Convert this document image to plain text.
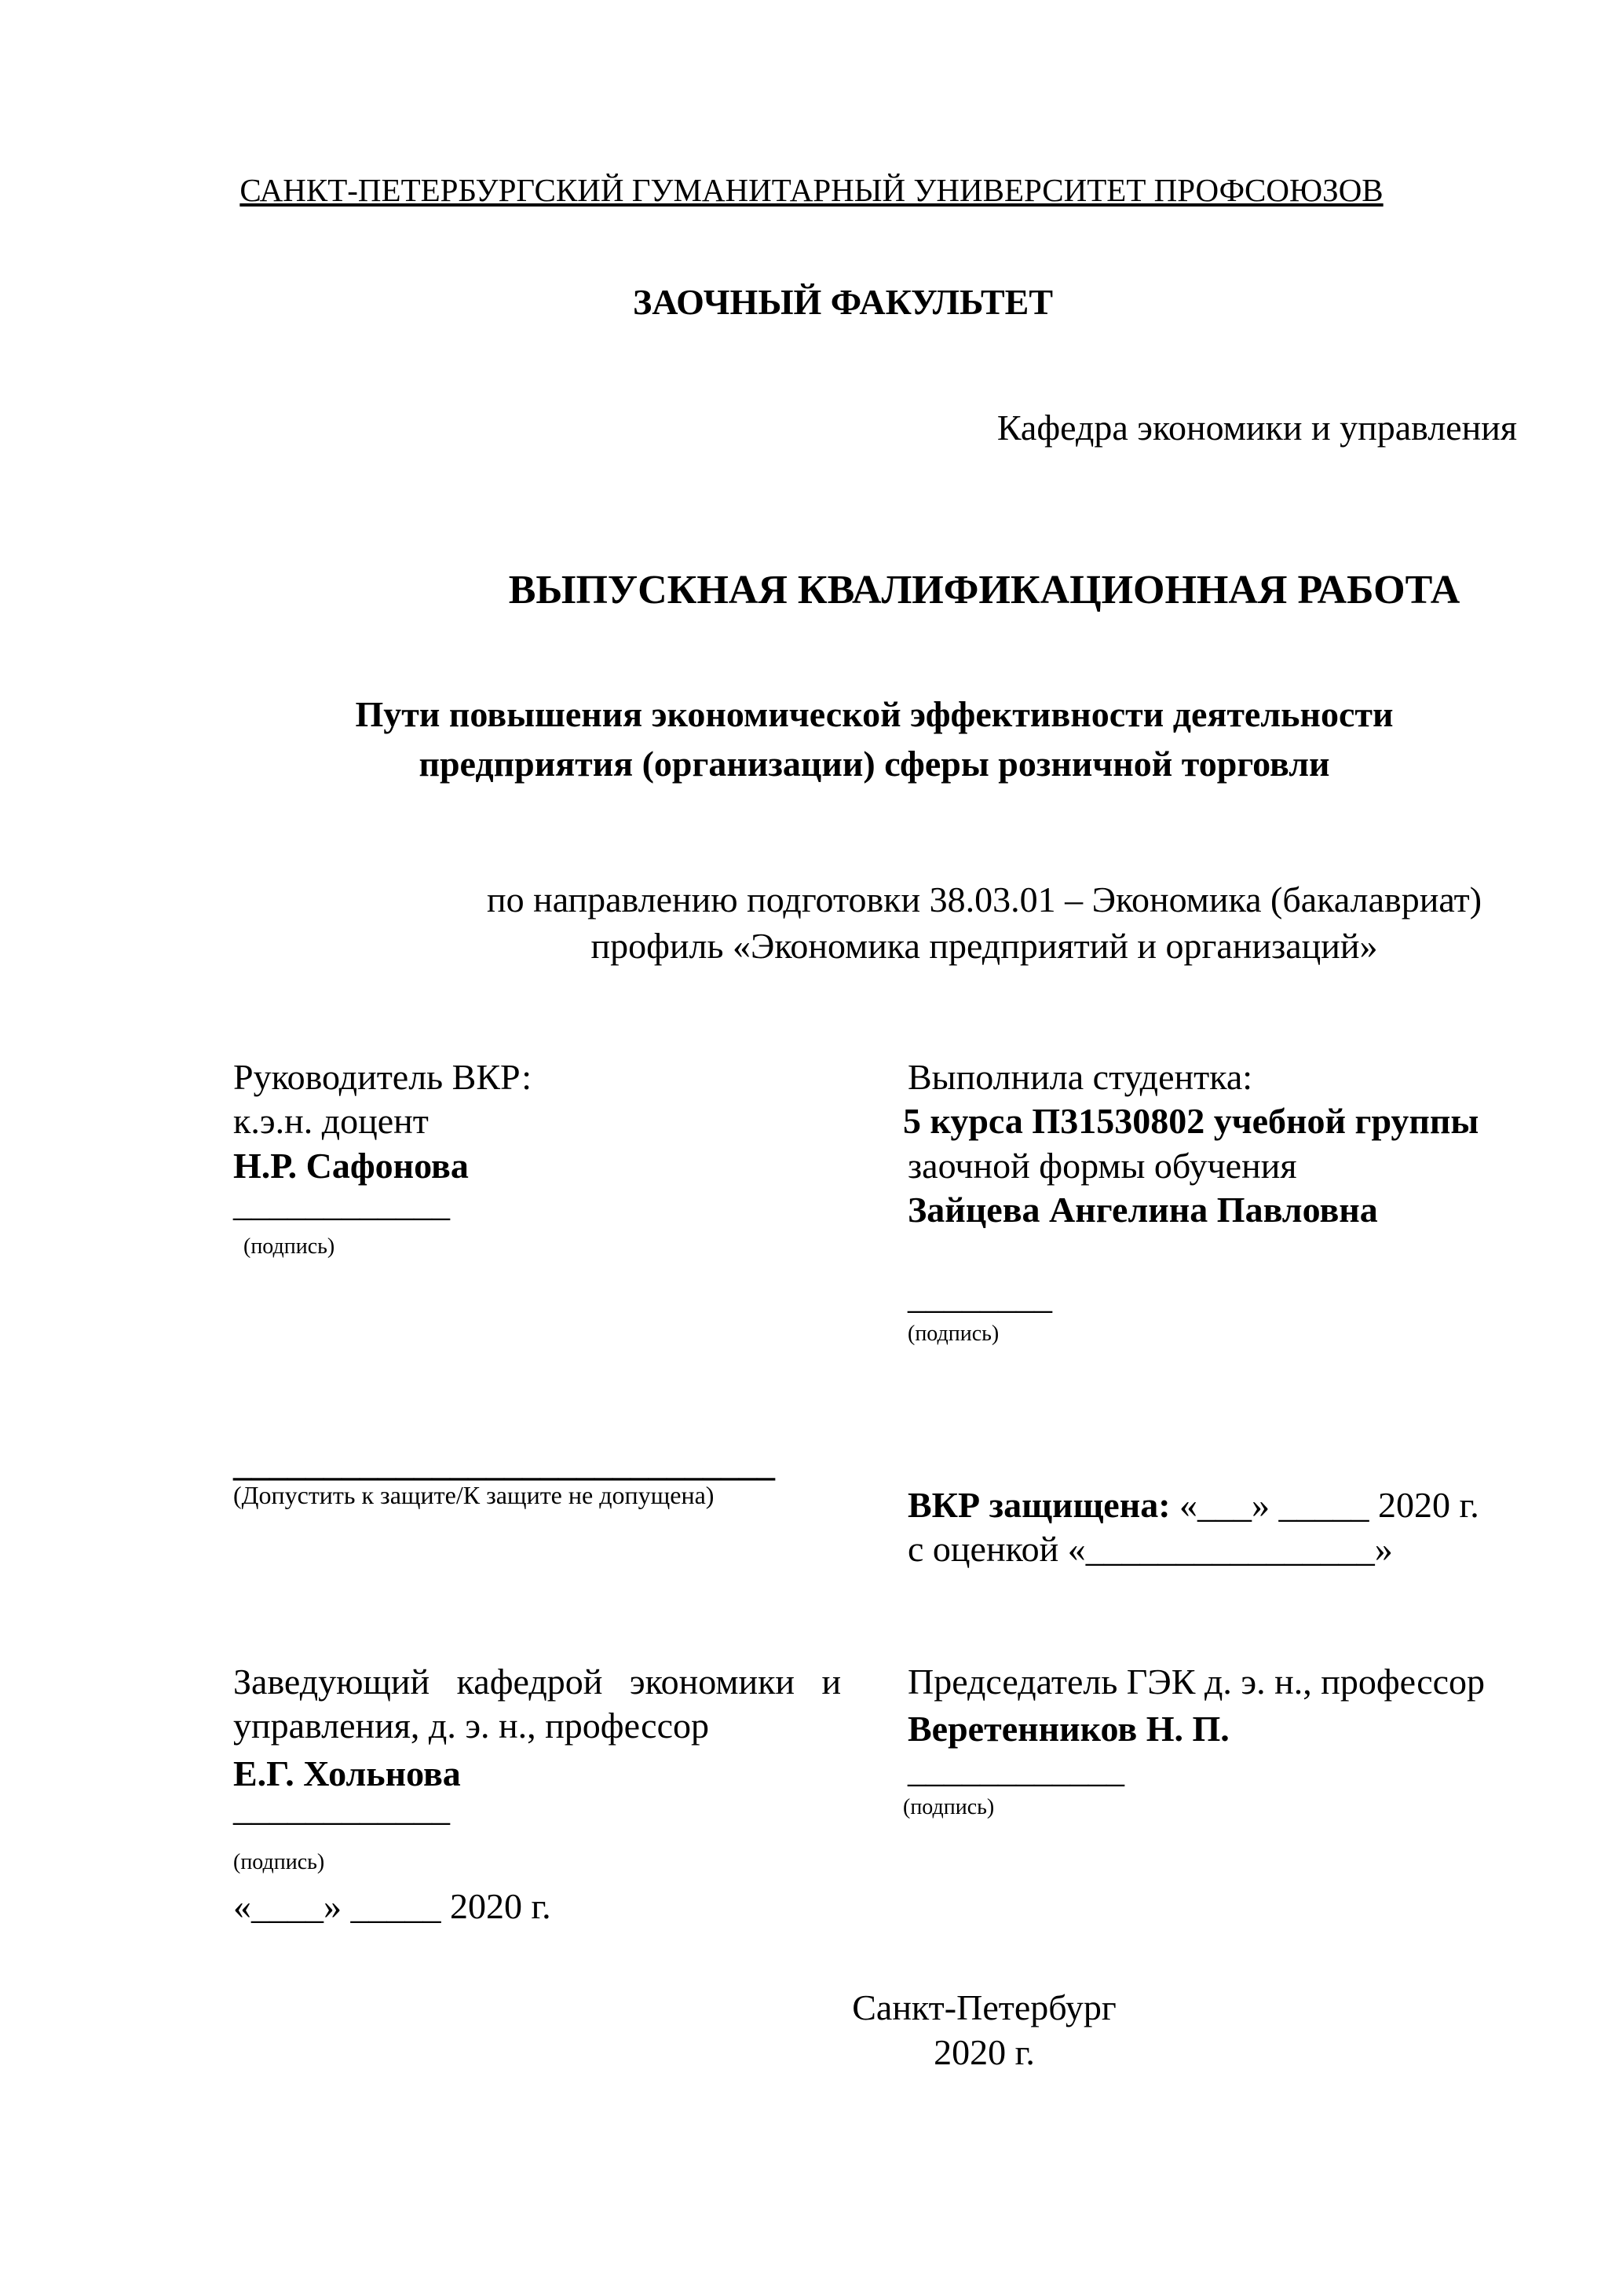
САНКТ-ПЕТЕРБУРГСКИЙ ГУМАНИТАРНЫЙ УНИВЕРСИТЕТ ПРОФСОЮЗОВ
ЗАОЧНЫЙ ФАКУЛЬТЕТ
Кафедра экономики и управления
ВЫПУСКНАЯ КВАЛИФИКАЦИОННАЯ РАБОТА
Пути повышения экономической эффективности деятельности
предприятия (организации) сферы розничной торговли
по направлению подготовки 38.03.01 – Экономика (бакалавриат)
профиль «Экономика предприятий и организаций»
Руководитель ВКР:
к.э.н. доцент
Н.Р. Сафонова
____________
(подпись)
Выполнила студентка:
5 курса П31530802 учебной группы
заочной формы обучения
Зайцева Ангелина Павловна
________
(подпись)
______________________________
(Допустить к защите/К защите не допущена)	ВКР защищена: «___» _____ 2020 г.
с оценкой «________________»
Заведующий   кафедрой   экономики   и
управления, д. э. н., профессор
Е.Г. Хольнова
____________
(подпись)
«____» _____ 2020 г.
Председатель ГЭК д. э. н., профессор
Веретенников Н. П.
____________
(подпись)
Санкт-Петербург
2020 г.
